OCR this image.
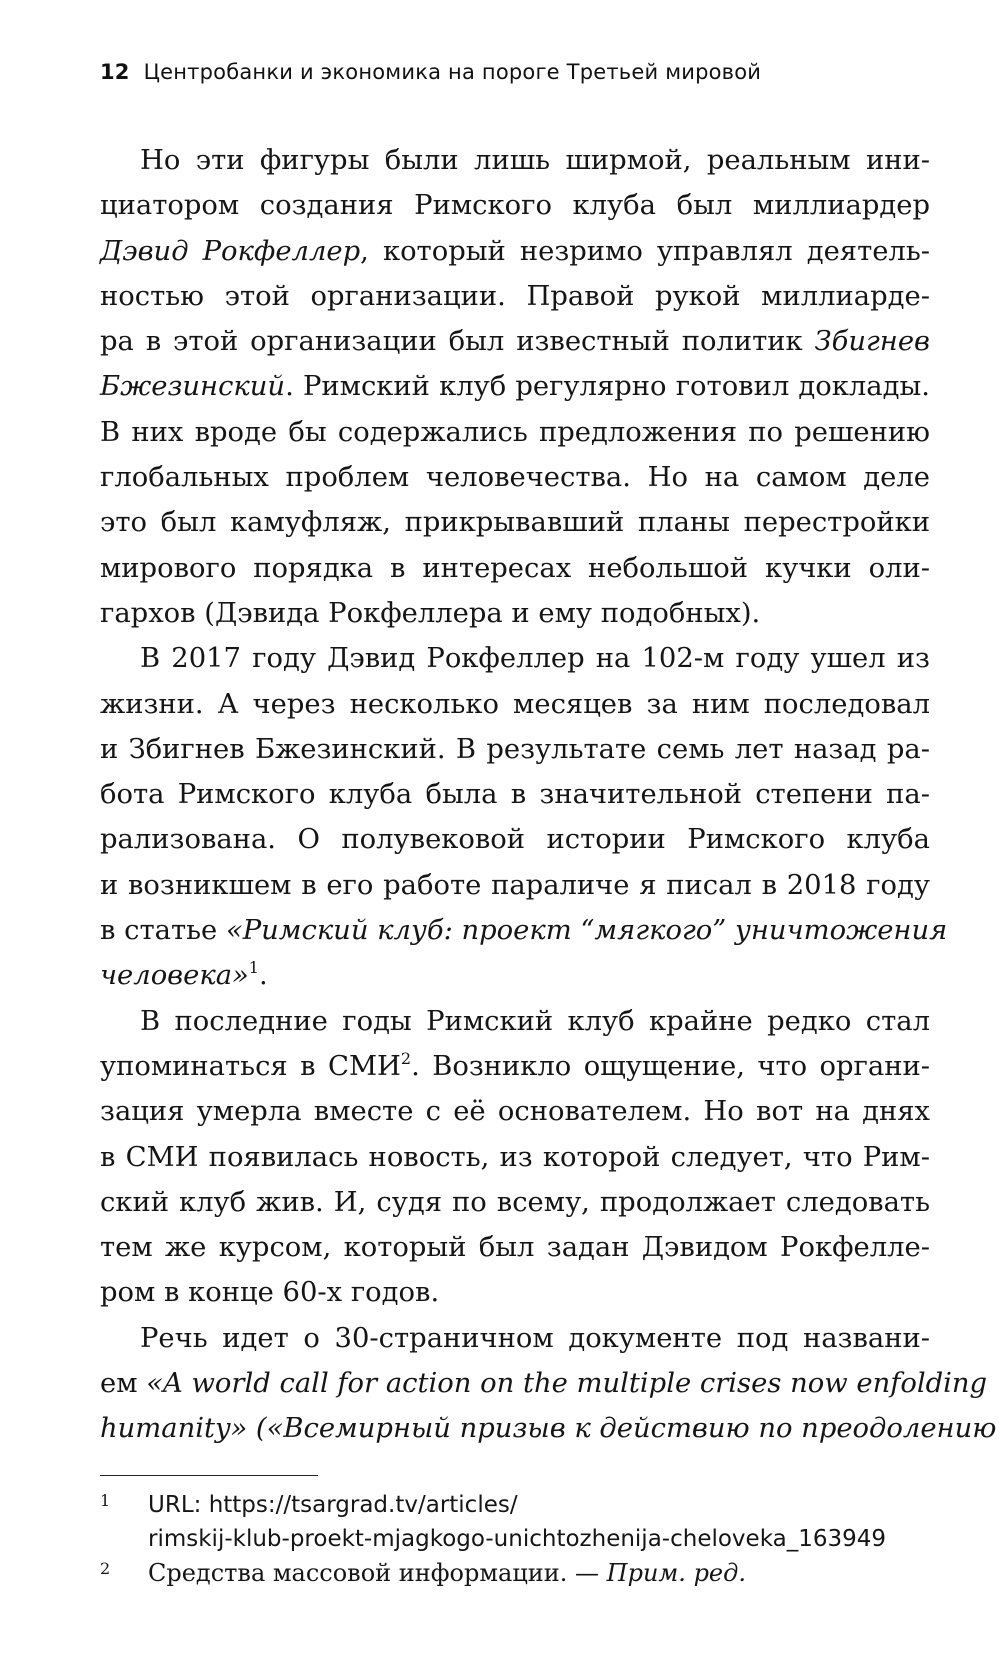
12 Центробанки и экономика на пороге Третьей мировой
Но эти фигуры были лишь ширмой, реальным ини-
циатором создания Римского клуба был миллиардер
Дэвид Рокфеллер, который незримо управлял деятель-
ностью этой организации. Правой рукой миллиарде-
ра в этой организации был известный политик Збигнев
Бжезинский. Римский клуб регулярно готовил доклады.
В них вроде бы содержались предложения по решению
глобальных проблем человечества. Но на самом деле
это был камуфляж, прикрывавший планы перестройки
мирового порядка в интересах небольшой кучки оли-
гархов (Дэвида Рокфеллера и ему подобных).
В 2017 году Дэвид Рокфеллер на 102-м году ушел из
жизни. А через несколько месяцев за ним последовал
и Збигнев Бжезинский. В результате семь лет назад ра-
бота Римского клуба была в значительной степени па-
рализована. О полувековой истории Римского клуба
и возникшем в его работе параличе я писал в 2018 году
в статье «Римский клуб: проект “мягкого” уничтожения
человека»$^1$.
В последние годы Римский клуб крайне редко стал
упоминаться в СМИ$^2$. Возникло ощущение, что органи-
зация умерла вместе с её основателем. Но вот на днях
в СМИ появилась новость, из которой следует, что Рим-
ский клуб жив. И, судя по всему, продолжает следовать
тем же курсом, который был задан Дэвидом Рокфелле-
ром в конце 60-х годов.
Речь идет о 30-страничном документе под названи-
ем «A world call for action on the multiple crises now enfolding
humanity» («Всемирный призыв к действию по преодолению
1 URL: https://tsargrad.tv/articles/
rimskij-klub-proekt-mjagkogo-unichtozhenija-cheloveka_163949
2 Средства массовой информации. — Прим. ред.
